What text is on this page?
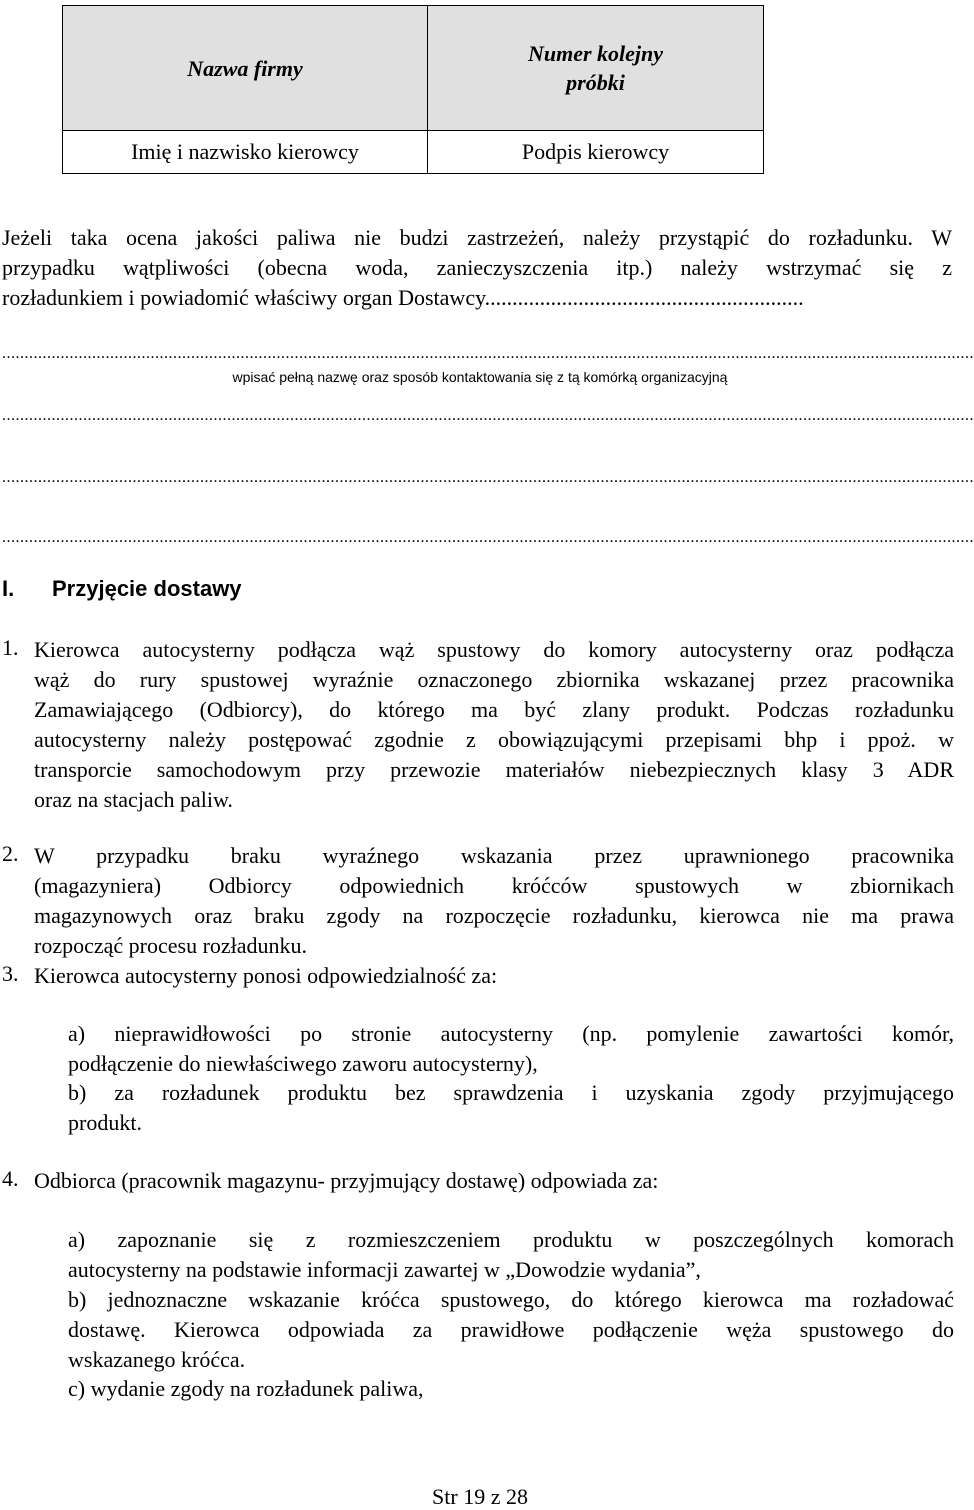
Nazwa firmy	Numer kolejny
próbki
Imię i nazwisko kierowcy	Podpis kierowcy
Jeżeli taka ocena jakości paliwa nie budzi zastrzeżeń, należy przystąpić do rozładunku. W
przypadku wątpliwości (obecna woda, zanieczyszczenia itp.) należy wstrzymać się z
rozładunkiem i powiadomić właściwy organ Dostawcy..........................................................
........................................................................................................................................................................................................................
wpisać pełną nazwę oraz sposób kontaktowania się z tą komórką organizacyjną
........................................................................................................................................................................................................................
........................................................................................................................................................................................................................
........................................................................................................................................................................................................................
I. Przyjęcie dostawy
1. Kierowca autocysterny podłącza wąż spustowy do komory autocysterny oraz podłącza
wąż do rury spustowej wyraźnie oznaczonego zbiornika wskazanej przez pracownika
Zamawiającego (Odbiorcy), do którego ma być zlany produkt. Podczas rozładunku
autocysterny należy postępować zgodnie z obowiązującymi przepisami bhp i ppoż. w
transporcie samochodowym przy przewozie materiałów niebezpiecznych klasy 3 ADR
oraz na stacjach paliw.
2. W przypadku braku wyraźnego wskazania przez uprawnionego pracownika
(magazyniera) Odbiorcy odpowiednich króćców spustowych w zbiornikach
magazynowych oraz braku zgody na rozpoczęcie rozładunku, kierowca nie ma prawa
rozpocząć procesu rozładunku.
3. Kierowca autocysterny ponosi odpowiedzialność za:
a) nieprawidłowości po stronie autocysterny (np. pomylenie zawartości komór,
podłączenie do niewłaściwego zaworu autocysterny),
b) za rozładunek produktu bez sprawdzenia i uzyskania zgody przyjmującego
produkt.
4. Odbiorca (pracownik magazynu- przyjmujący dostawę) odpowiada za:
a) zapoznanie się z rozmieszczeniem produktu w poszczególnych komorach
autocysterny na podstawie informacji zawartej w „Dowodzie wydania”,
b) jednoznaczne wskazanie króćca spustowego, do którego kierowca ma rozładować
dostawę. Kierowca odpowiada za prawidłowe podłączenie węża spustowego do
wskazanego króćca.
c) wydanie zgody na rozładunek paliwa,
Str 19 z 28
